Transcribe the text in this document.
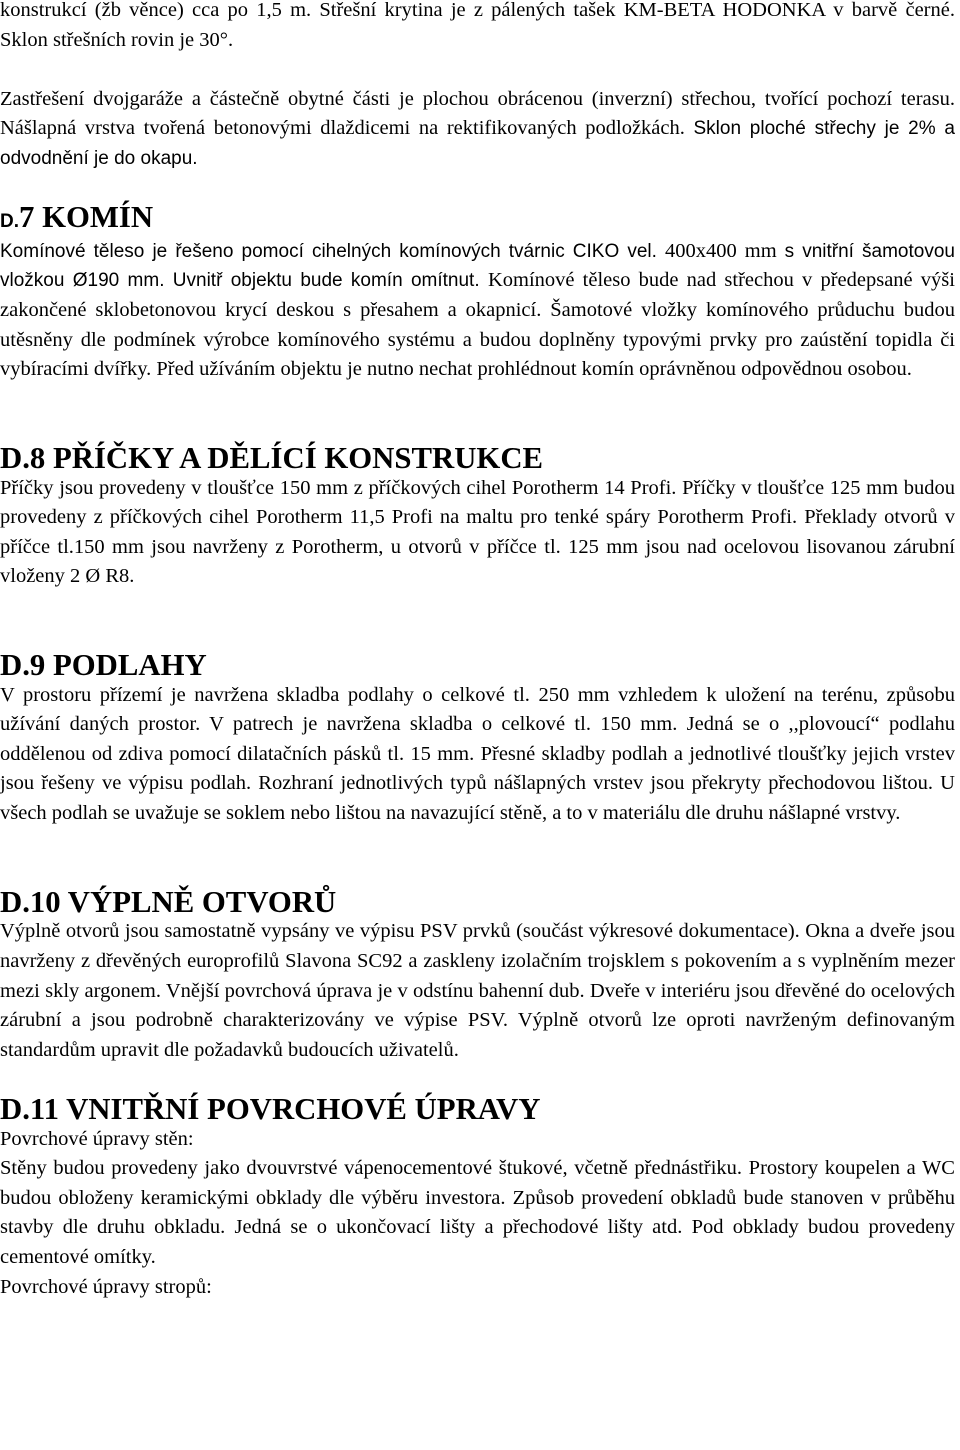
konstrukcí (žb věnce) cca po 1,5 m. Střešní krytina je z pálených tašek KM-BETA HODONKA v barvě černé. Sklon střešních rovin je 30°.

Zastřešení dvojgaráže a částečně obytné části je plochou obrácenou (inverzní) střechou, tvořící pochozí terasu. Nášlapná vrstva tvořená betonovými dlaždicemi na rektifikovaných podložkách. Sklon ploché střechy je 2% a odvodnění je do okapu.

D.7 KOMÍN

Komínové těleso je řešeno pomocí cihelných komínových tvárnic CIKO vel. 400x400 mm s vnitřní šamotovou vložkou Ø190 mm. Uvnitř objektu bude komín omítnut. Komínové těleso bude nad střechou v předepsané výši zakončené sklobetonovou krycí deskou s přesahem a okapnicí. Šamotové vložky komínového průduchu budou utěsněny dle podmínek výrobce komínového systému a budou doplněny typovými prvky pro zaústění topidla či vybíracími dvířky. Před užíváním objektu je nutno nechat prohlédnout komín oprávněnou odpovědnou osobou.

D.8 PŘÍČKY A DĚLÍCÍ KONSTRUKCE

Příčky jsou provedeny v tloušťce 150 mm z příčkových cihel Porotherm 14 Profi. Příčky v tloušťce 125 mm budou provedeny z příčkových cihel Porotherm 11,5 Profi na maltu pro tenké spáry Porotherm Profi. Překlady otvorů v příčce tl.150 mm jsou navrženy z Porotherm, u otvorů v příčce tl. 125 mm jsou nad ocelovou lisovanou zárubní vloženy 2 Ø R8.

D.9 PODLAHY

V prostoru přízemí je navržena skladba podlahy o celkové tl. 250 mm vzhledem k uložení na terénu, způsobu užívání daných prostor. V patrech je navržena skladba o celkové tl. 150 mm. Jedná se o ,,plovoucí“ podlahu oddělenou od zdiva pomocí dilatačních pásků tl. 15 mm. Přesné skladby podlah a jednotlivé tloušťky jejich vrstev jsou řešeny ve výpisu podlah. Rozhraní jednotlivých typů nášlapných vrstev jsou překryty přechodovou lištou. U všech podlah se uvažuje se soklem nebo lištou na navazující stěně, a to v materiálu dle druhu nášlapné vrstvy.

D.10 VÝPLNĚ OTVORŮ

Výplně otvorů jsou samostatně vypsány ve výpisu PSV prvků (součást výkresové dokumentace). Okna a dveře jsou navrženy z dřevěných europrofilů Slavona SC92 a zaskleny izolačním trojsklem s pokovením a s vyplněním mezer mezi skly argonem. Vnější povrchová úprava je v odstínu bahenní dub. Dveře v interiéru jsou dřevěné do ocelových zárubní a jsou podrobně charakterizovány ve výpise PSV. Výplně otvorů lze oproti navrženým definovaným standardům upravit dle požadavků budoucích uživatelů.

D.11 VNITŘNÍ POVRCHOVÉ ÚPRAVY

Povrchové úpravy stěn:

Stěny budou provedeny jako dvouvrstvé vápenocementové štukové, včetně přednástřiku. Prostory koupelen a WC budou obloženy keramickými obklady dle výběru investora. Způsob provedení obkladů bude stanoven v průběhu stavby dle druhu obkladu. Jedná se o ukončovací lišty a přechodové lišty atd. Pod obklady budou provedeny cementové omítky.

Povrchové úpravy stropů:
